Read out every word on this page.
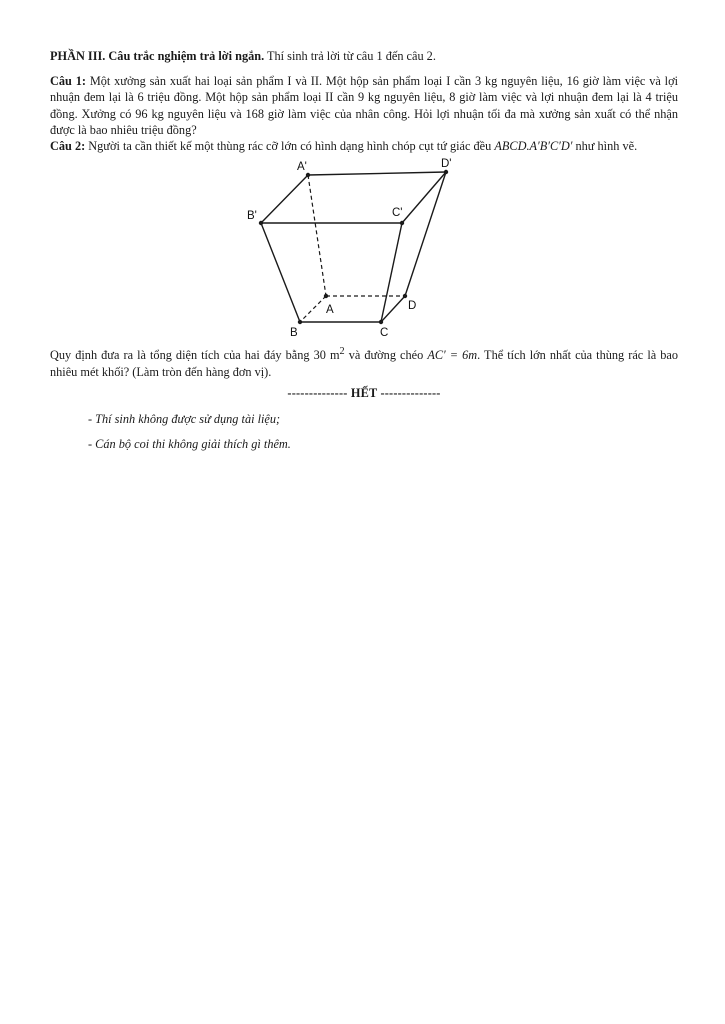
PHẦN III. Câu trắc nghiệm trả lời ngắn. Thí sinh trả lời từ câu 1 đến câu 2.

Câu 1: Một xưởng sản xuất hai loại sản phẩm I và II. Một hộp sản phẩm loại I cần 3 kg nguyên liệu, 16 giờ làm việc và lợi nhuận đem lại là 6 triệu đồng. Một hộp sản phẩm loại II cần 9 kg nguyên liệu, 8 giờ làm việc và lợi nhuận đem lại là 4 triệu đồng. Xưởng có 96 kg nguyên liệu và 168 giờ làm việc của nhân công. Hỏi lợi nhuận tối đa mà xưởng sản xuất có thể nhận được là bao nhiêu triệu đồng?

Câu 2: Người ta cần thiết kế một thùng rác cỡ lớn có hình dạng hình chóp cụt tứ giác đều ABCD.A′B′C′D′ như hình vẽ.

A'	D'
B'	C'
A	D
B	C

Quy định đưa ra là tổng diện tích của hai đáy bằng 30 $m^2$ và đường chéo AC′ = 6m. Thể tích lớn nhất của thùng rác là bao nhiêu mét khối? (Làm tròn đến hàng đơn vị).

-------------- HẾT --------------
- Thí sinh không được sử dụng tài liệu;
- Cán bộ coi thi không giải thích gì thêm.
